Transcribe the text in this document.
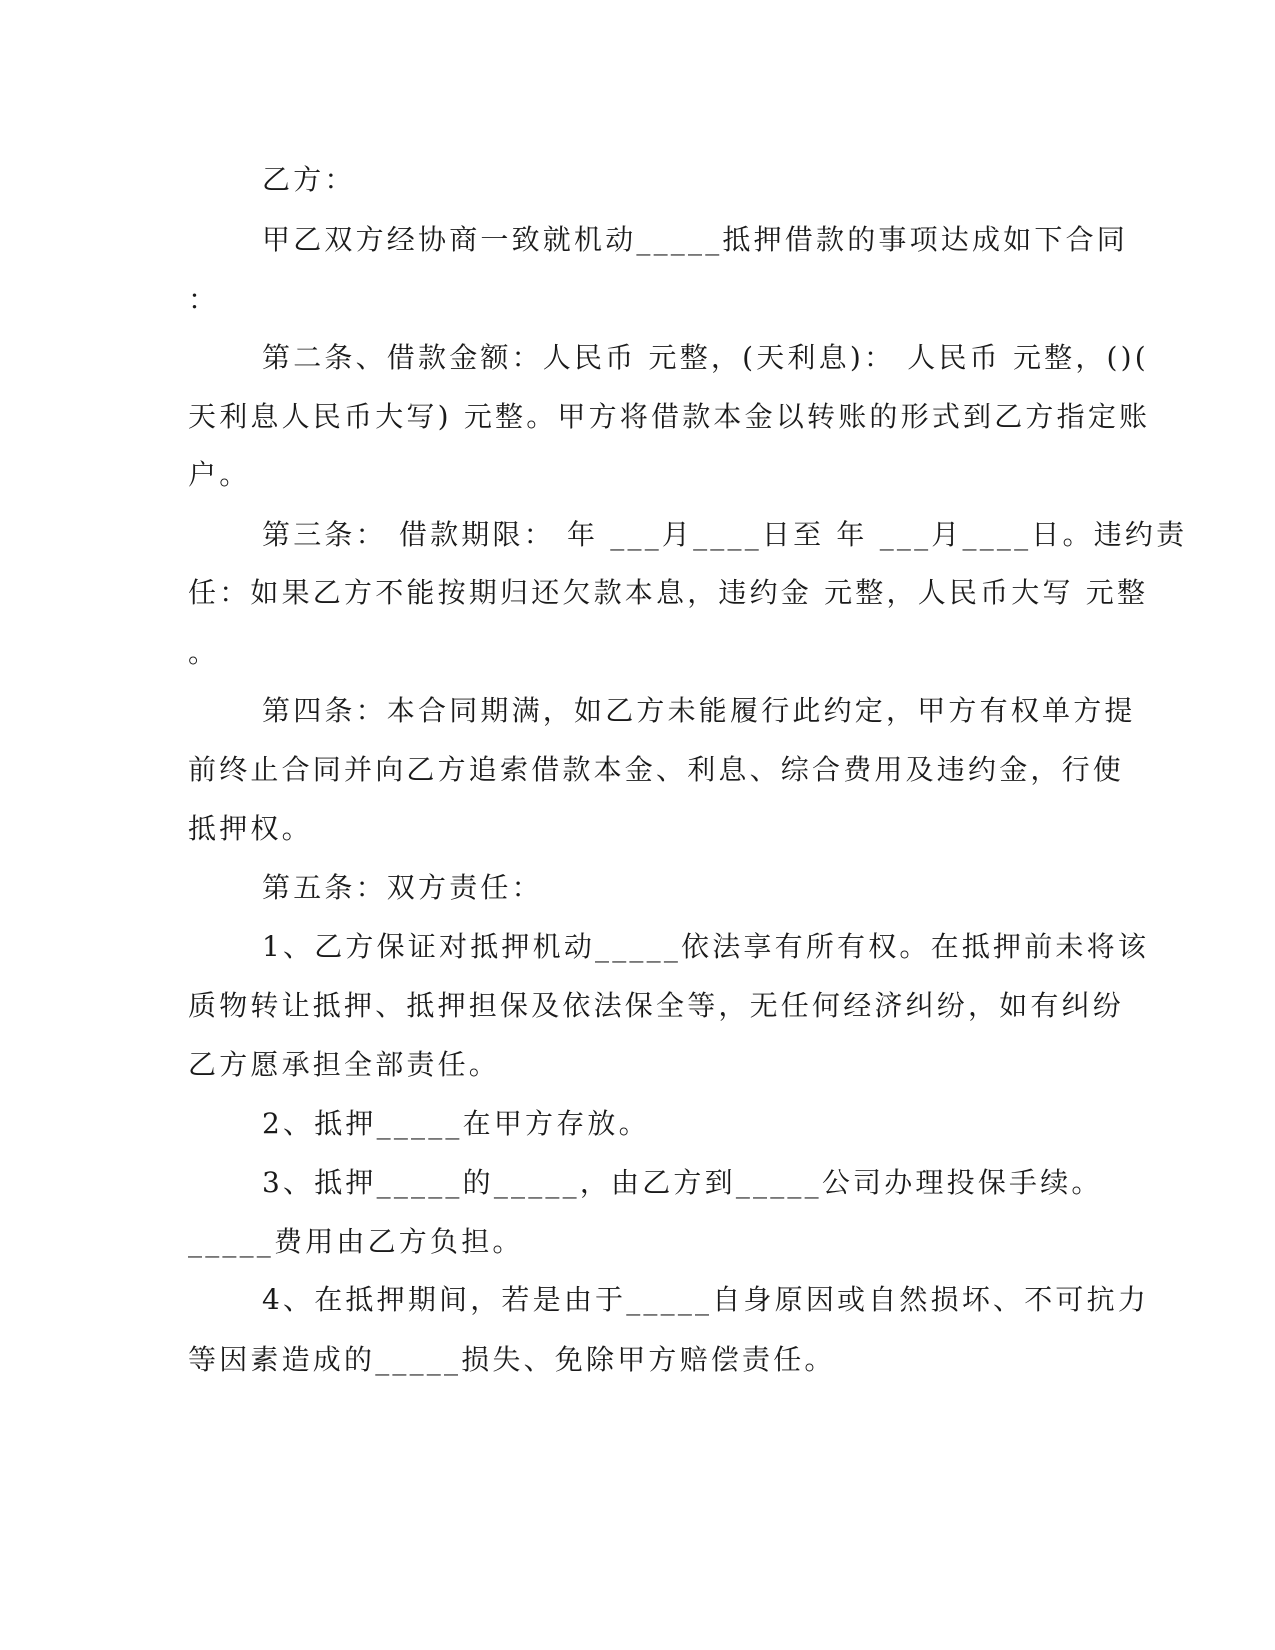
乙方：
甲乙双方经协商一致就机动_____抵押借款的事项达成如下合同
：
第二条、借款金额：人民币 元整，(天利息)： 人民币 元整，()(
天利息人民币大写) 元整。甲方将借款本金以转账的形式到乙方指定账
户。
第三条： 借款期限： 年 ___月____日至 年 ___月____日。违约责
任：如果乙方不能按期归还欠款本息，违约金 元整，人民币大写 元整
。
第四条：本合同期满，如乙方未能履行此约定，甲方有权单方提
前终止合同并向乙方追索借款本金、利息、综合费用及违约金，行使
抵押权。
第五条：双方责任：
1、乙方保证对抵押机动_____依法享有所有权。在抵押前未将该
质物转让抵押、抵押担保及依法保全等，无任何经济纠纷，如有纠纷
乙方愿承担全部责任。
2、抵押_____在甲方存放。
3、抵押_____的_____，由乙方到_____公司办理投保手续。
_____费用由乙方负担。
4、在抵押期间，若是由于_____自身原因或自然损坏、不可抗力
等因素造成的_____损失、免除甲方赔偿责任。
